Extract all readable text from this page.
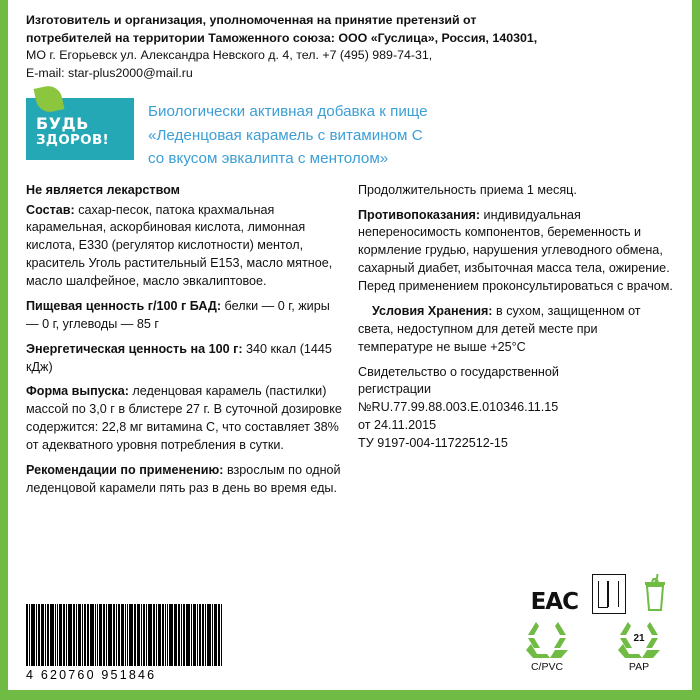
Изготовитель и организация, уполномоченная на принятие претензий от
потребителей на территории Таможенного союза: ООО «Гуслица», Россия, 140301,
МО г. Егорьевск ул. Александра Невского д. 4, тел. +7 (495) 989-74-31,
E-mail: star-plus2000@mail.ru
БУДЬ
ЗДОРОВ!
Биологически активная добавка к пище
«Леденцовая карамель с витамином С
со вкусом эвкалипта с ментолом»

Не является лекарством

Состав: сахар-песок, патока крахмальная карамельная, аскорбиновая кислота, лимонная кислота, E330 (регулятор кислотности) ментол, краситель Уголь растительный E153, масло мятное, масло шалфейное, масло эвкалиптовое.

Пищевая ценность г/100 г БАД: белки — 0 г, жиры — 0 г, углеводы — 85 г

Энергетическая ценность на 100 г: 340 ккал (1445 кДж)

Форма выпуска: леденцовая карамель (пастилки) массой по 3,0 г в блистере 27 г. В суточной дозировке содержится: 22,8 мг витамина С, что составляет 38% от адекватного уровня потребления в сутки.

Рекомендации по применению: взрослым по одной леденцовой карамели пять раз в день во время еды.

Продолжительность приема 1 месяц.

Противопоказания: индивидуальная непереносимость компонентов, беременность и кормление грудью, нарушения углеводного обмена, сахарный диабет, избыточная масса тела, ожирение. Перед применением проконсультироваться с врачом.

Условия Хранения: в сухом, защищенном от света, недоступном для детей месте при температуре не выше +25°С

Свидетельство о государственной
регистрации
№RU.77.99.88.003.Е.010346.11.15
от 24.11.2015
ТУ 9197-004-11722512-15

4 620760 951846
EAC
C/PVC
21
PAP
